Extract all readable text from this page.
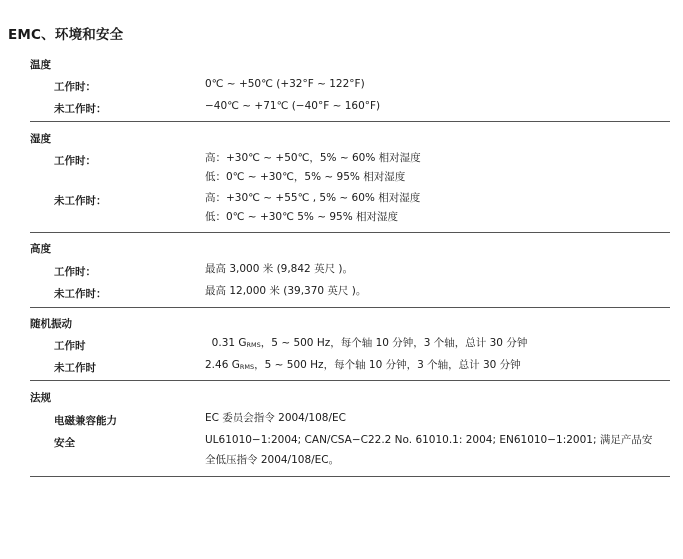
EMC、环境和安全
温度
工作时：	0℃ ~ +50℃ (+32°F ~ 122°F)
未工作时：	−40℃ ~ +71℃ (−40°F ~ 160°F)
湿度
工作时：	高：+30℃ ~ +50℃，5% ~ 60% 相对湿度
低：0℃ ~ +30℃，5% ~ 95% 相对湿度
未工作时：	高：+30℃ ~ +55℃ , 5% ~ 60% 相对湿度
低：0℃ ~ +30℃ 5% ~ 95% 相对湿度
高度
工作时：	最高 3,000 米 (9,842 英尺 )。
未工作时：	最高 12,000 米 (39,370 英尺 )。
随机振动
工作时	0.31 GRMS，5 ~ 500 Hz，每个轴 10 分钟，3 个轴，总计 30 分钟
未工作时	2.46 GRMS，5 ~ 500 Hz，每个轴 10 分钟，3 个轴，总计 30 分钟
法规
电磁兼容能力	EC 委员会指令 2004/108/EC
安全	UL61010−1:2004; CAN/CSA−C22.2 No. 61010.1: 2004; EN61010−1:2001; 满足产品安
全低压指令 2004/108/EC。
